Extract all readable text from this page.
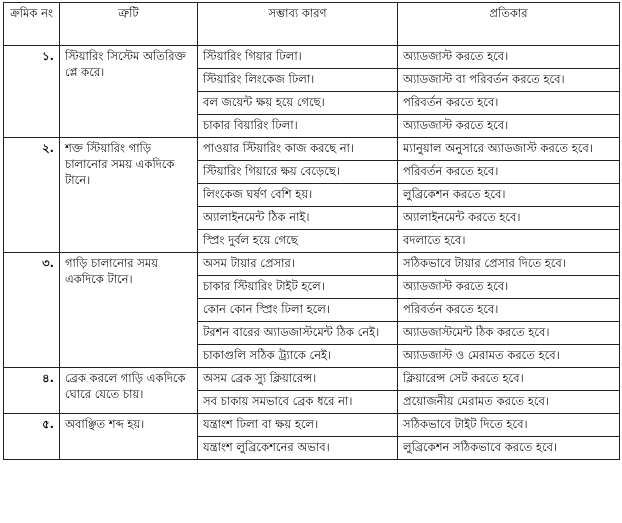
ক্রমিক নং	ত্রুটি	সম্ভাব্য কারণ	প্রতিকার
১.	স্টিয়ারিং সিস্টেম অতিরিক্ত প্লে করে।	স্টিয়ারিং গিয়ার ঢিলা।	অ্যাডজাস্ট করতে হবে।
		স্টিয়ারিং লিংকেজ ঢিলা।	অ্যাডজাস্ট বা পরিবর্তন করতে হবে।
		বল জয়েন্ট ক্ষয় হয়ে গেছে।	পরিবর্তন করতে হবে।
		চাকার বিয়ারিং ঢিলা।	অ্যাডজাস্ট করতে হবে।
২.	শক্ত স্টিয়ারিং গাড়ি চালানোর সময় একদিকে টানে।	পাওয়ার স্টিয়ারিং কাজ করছে না।	ম্যানুয়াল অনুসারে অ্যাডজাস্ট করতে হবে।
		স্টিয়ারিং গিয়ারে ক্ষয় বেড়েছে।	পরিবর্তন করতে হবে।
		লিংকেজ ঘর্ষণ বেশি হয়।	লুব্রিকেশন করতে হবে।
		অ্যালাইনমেন্ট ঠিক নাই।	অ্যালাইনমেন্ট করতে হবে।
		স্প্রিং দুর্বল হয়ে গেছে	বদলাতে হবে।
৩.	গাড়ি চালানোর সময় একদিকে টানে।	অসম টায়ার প্রেসার।	সঠিকভাবে টায়ার প্রেসার দিতে হবে।
		চাকার স্টিয়ারিং টাইট হলে।	অ্যাডজাস্ট করতে হবে।
		কোন কোন স্প্রিং ঢিলা হলে।	পরিবর্তন করতে হবে।
		টরশন বারের অ্যাডজাস্টমেন্ট ঠিক নেই।	অ্যাডজাস্টমেন্ট ঠিক করতে হবে।
		চাকাগুলি সঠিক ট্র্যাকে নেই।	অ্যাডজাস্ট ও মেরামত করতে হবে।
৪.	ব্রেক করলে গাড়ি একদিকে ঘোরে যেতে চায়।	অসম ব্রেক স্যু ক্লিয়ারেন্স।	ক্লিয়ারেন্স সেট করতে হবে।
		সব চাকায় সমভাবে ব্রেক ধরে না।	প্রয়োজনীয় মেরামত করতে হবে।
৫.	অবাঞ্ছিত শব্দ হয়।	যন্ত্রাংশ ঢিলা বা ক্ষয় হলে।	সঠিকভাবে টাইট দিতে হবে।
		যন্ত্রাংশ লুব্রিকেশনের অভাব।	লুব্রিকেশন সঠিকভাবে করতে হবে।
